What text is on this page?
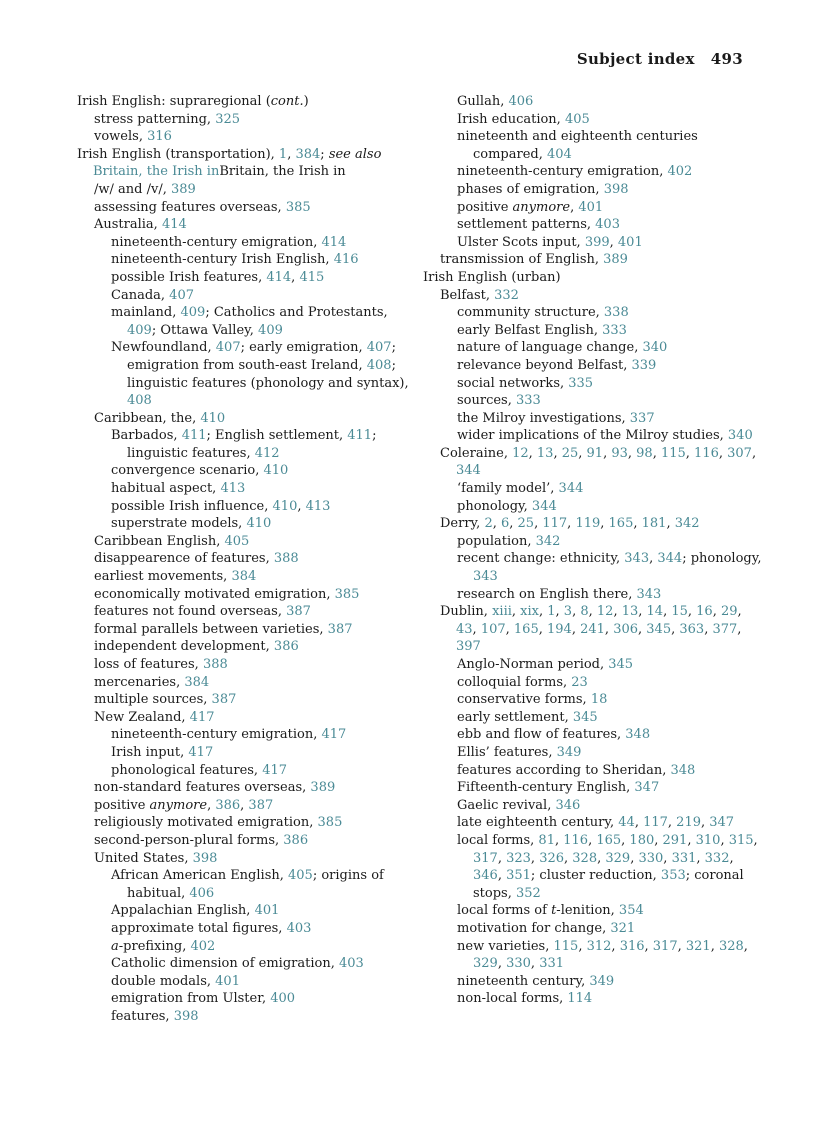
Subject index 493
Irish English: supraregional (cont.)
stress patterning, 325
vowels, 316
Irish English (transportation), 1, 384; see also Britain, the Irish inBritain, the Irish in
/w/ and /v/, 389
assessing features overseas, 385
Australia, 414
nineteenth-century emigration, 414
nineteenth-century Irish English, 416
possible Irish features, 414, 415
Canada, 407
mainland, 409; Catholics and Protestants, 409; Ottawa Valley, 409
Newfoundland, 407; early emigration, 407; emigration from south-east Ireland, 408; linguistic features (phonology and syntax), 408
Caribbean, the, 410
Barbados, 411; English settlement, 411; linguistic features, 412
convergence scenario, 410
habitual aspect, 413
possible Irish influence, 410, 413
superstrate models, 410
Caribbean English, 405
disappearence of features, 388
earliest movements, 384
economically motivated emigration, 385
features not found overseas, 387
formal parallels between varieties, 387
independent development, 386
loss of features, 388
mercenaries, 384
multiple sources, 387
New Zealand, 417
nineteenth-century emigration, 417
Irish input, 417
phonological features, 417
non-standard features overseas, 389
positive anymore, 386, 387
religiously motivated emigration, 385
second-person-plural forms, 386
United States, 398
African American English, 405; origins of habitual, 406
Appalachian English, 401
approximate total figures, 403
a-prefixing, 402
Catholic dimension of emigration, 403
double modals, 401
emigration from Ulster, 400
features, 398
Gullah, 406
Irish education, 405
nineteenth and eighteenth centuries compared, 404
nineteenth-century emigration, 402
phases of emigration, 398
positive anymore, 401
settlement patterns, 403
Ulster Scots input, 399, 401
transmission of English, 389
Irish English (urban)
Belfast, 332
community structure, 338
early Belfast English, 333
nature of language change, 340
relevance beyond Belfast, 339
social networks, 335
sources, 333
the Milroy investigations, 337
wider implications of the Milroy studies, 340
Coleraine, 12, 13, 25, 91, 93, 98, 115, 116, 307, 344
‘family model’, 344
phonology, 344
Derry, 2, 6, 25, 117, 119, 165, 181, 342
population, 342
recent change: ethnicity, 343, 344; phonology, 343
research on English there, 343
Dublin, xiii, xix, 1, 3, 8, 12, 13, 14, 15, 16, 29, 43, 107, 165, 194, 241, 306, 345, 363, 377, 397
Anglo-Norman period, 345
colloquial forms, 23
conservative forms, 18
early settlement, 345
ebb and flow of features, 348
Ellis’ features, 349
features according to Sheridan, 348
Fifteenth-century English, 347
Gaelic revival, 346
late eighteenth century, 44, 117, 219, 347
local forms, 81, 116, 165, 180, 291, 310, 315, 317, 323, 326, 328, 329, 330, 331, 332, 346, 351; cluster reduction, 353; coronal stops, 352
local forms of t-lenition, 354
motivation for change, 321
new varieties, 115, 312, 316, 317, 321, 328, 329, 330, 331
nineteenth century, 349
non-local forms, 114
